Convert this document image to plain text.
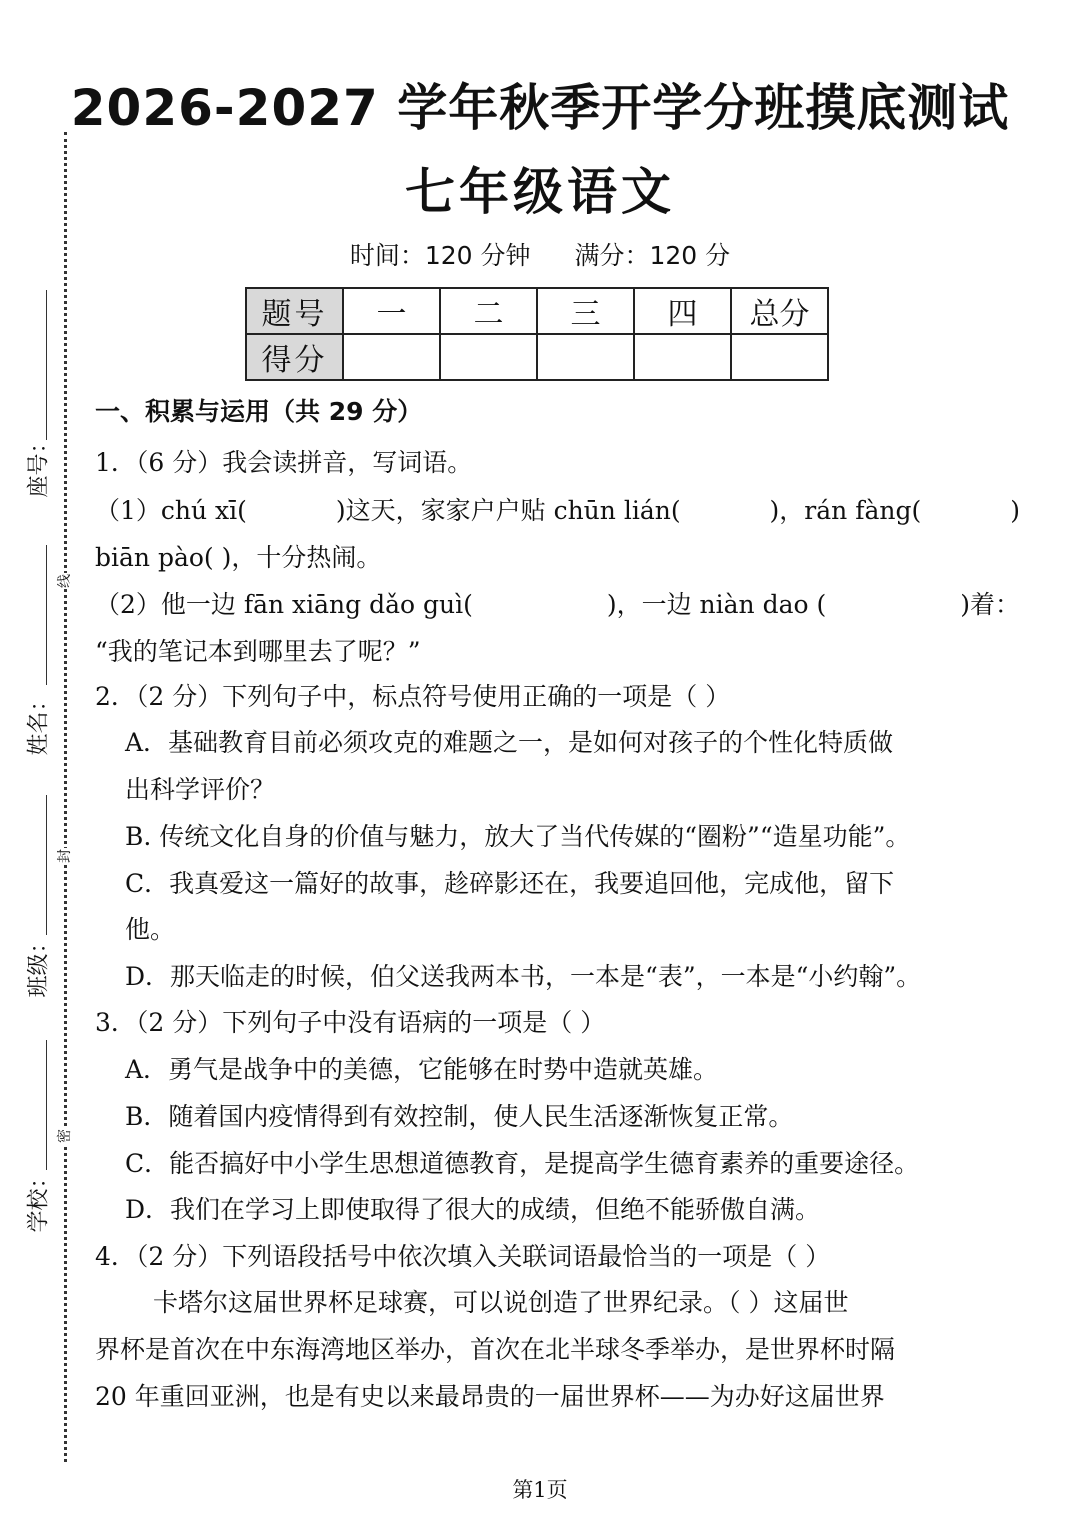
线
封
密
座号：
姓名：
班级：
学校：
2026-2027 学年秋季开学分班摸底测试
七年级语文
时间：120 分钟 满分：120 分
题号	一	二	三	四	总分
得分					
一、积累与运用（共 29 分）
1．（6 分）我会读拼音，写词语。
（1）chú xī(	)这天，家家户户贴 chūn lián(	)，rán fàng(	)
biān pào( )，十分热闹。
（2）他一边 fān xiāng dǎo guì(	)，一边 niàn dao (	)着：
“我的笔记本到哪里去了呢？”
2．（2 分）下列句子中，标点符号使用正确的一项是（ ）
A．基础教育目前必须攻克的难题之一，是如何对孩子的个性化特质做
出科学评价？
B. 传统文化自身的价值与魅力，放大了当代传媒的“圈粉”“造星功能”。
C．我真爱这一篇好的故事，趁碎影还在，我要追回他，完成他，留下
他。
D．那天临走的时候，伯父送我两本书，一本是“表”，一本是“小约翰”。
3．（2 分）下列句子中没有语病的一项是（ ）
A．勇气是战争中的美德，它能够在时势中造就英雄。
B．随着国内疫情得到有效控制，使人民生活逐渐恢复正常。
C．能否搞好中小学生思想道德教育，是提高学生德育素养的重要途径。
D．我们在学习上即使取得了很大的成绩，但绝不能骄傲自满。
4．（2 分）下列语段括号中依次填入关联词语最恰当的一项是（ ）
卡塔尔这届世界杯足球赛，可以说创造了世界纪录。（ ）这届世
界杯是首次在中东海湾地区举办，首次在北半球冬季举办，是世界杯时隔
20 年重回亚洲，也是有史以来最昂贵的一届世界杯——为办好这届世界
第1页
